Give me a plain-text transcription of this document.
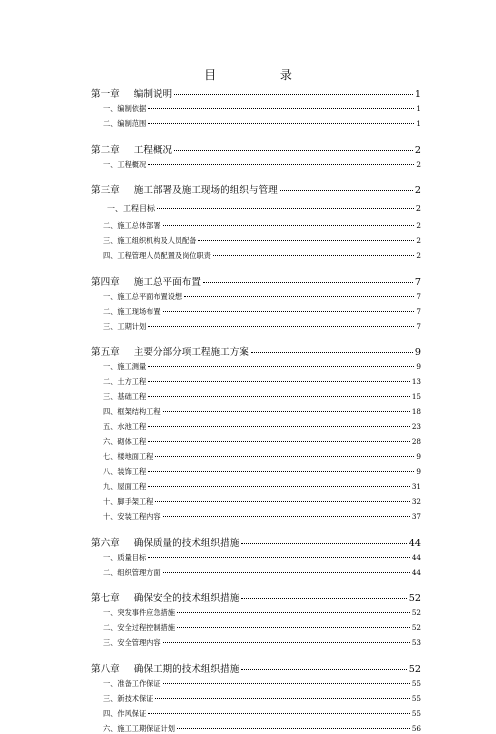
目 录
第一章 编制说明	1
一、编制依据	1
二、编制范围	1
第二章 工程概况	2
一、工程概况	2
第三章 施工部署及施工现场的组织与管理	2
一、工程目标	2
二、施工总体部署	2
三、施工组织机构及人员配备	2
四、工程管理人员配置及岗位职责	2
第四章 施工总平面布置	7
一、施工总平面布置设想	7
二、施工现场布置	7
三、工期计划	7
第五章 主要分部分项工程施工方案	9
一、施工测量	9
二、土方工程	13
三、基础工程	15
四、框架结构工程	18
五、水池工程	23
六、砌体工程	28
七、楼地面工程	9
八、装饰工程	9
九、屋面工程	31
十、脚手架工程	32
十、安装工程内容	37
第六章 确保质量的技术组织措施	44
一、质量目标	44
二、组织管理方面	44
第七章 确保安全的技术组织措施	52
一、突发事件应急措施	52
二、安全过程控制措施	52
三、安全管理内容	53
第八章 确保工期的技术组织措施	52
一、准备工作保证	55
三、新技术保证	55
四、作风保证	55
六、施工工期保证计划	56
